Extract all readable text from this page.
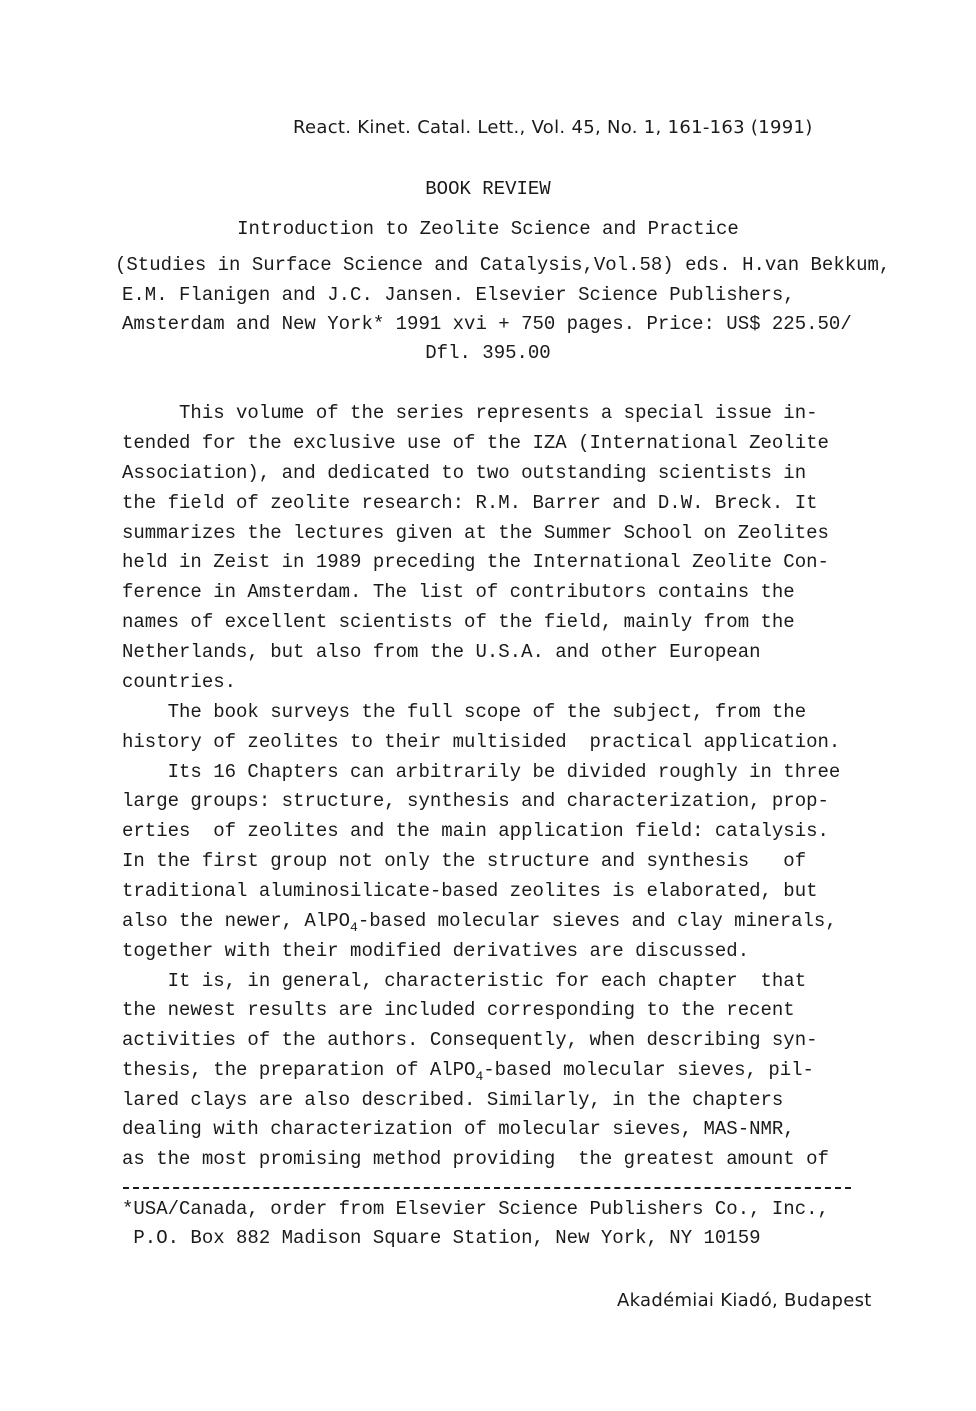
React. Kinet. Catal. Lett., Vol. 45, No. 1, 161-163 (1991)

BOOK REVIEW

Introduction to Zeolite Science and Practice

(Studies in Surface Science and Catalysis,Vol.58) eds. H.van Bekkum,

E.M. Flanigen and J.C. Jansen. Elsevier Science Publishers,

Amsterdam and New York* 1991 xvi + 750 pages. Price: US$ 225.50/

Dfl. 395.00

This volume of the series represents a special issue in-

tended for the exclusive use of the IZA (International Zeolite

Association), and dedicated to two outstanding scientists in

the field of zeolite research: R.M. Barrer and D.W. Breck. It

summarizes the lectures given at the Summer School on Zeolites

held in Zeist in 1989 preceding the International Zeolite Con-

ference in Amsterdam. The list of contributors contains the

names of excellent scientists of the field, mainly from the

Netherlands, but also from the U.S.A. and other European

countries.

The book surveys the full scope of the subject, from the

history of zeolites to their multisided  practical application.

Its 16 Chapters can arbitrarily be divided roughly in three

large groups: structure, synthesis and characterization, prop-

erties  of zeolites and the main application field: catalysis.

In the first group not only the structure and synthesis   of

traditional aluminosilicate-based zeolites is elaborated, but

also the newer, AlPO$_4$-based molecular sieves and clay minerals,

together with their modified derivatives are discussed.

It is, in general, characteristic for each chapter  that

the newest results are included corresponding to the recent

activities of the authors. Consequently, when describing syn-

thesis, the preparation of AlPO$_4$-based molecular sieves, pil-

lared clays are also described. Similarly, in the chapters

dealing with characterization of molecular sieves, MAS-NMR,

as the most promising method providing  the greatest amount of

*USA/Canada, order from Elsevier Science Publishers Co., Inc.,

P.O. Box 882 Madison Square Station, New York, NY 10159

Akadémiai Kiadó, Budapest
